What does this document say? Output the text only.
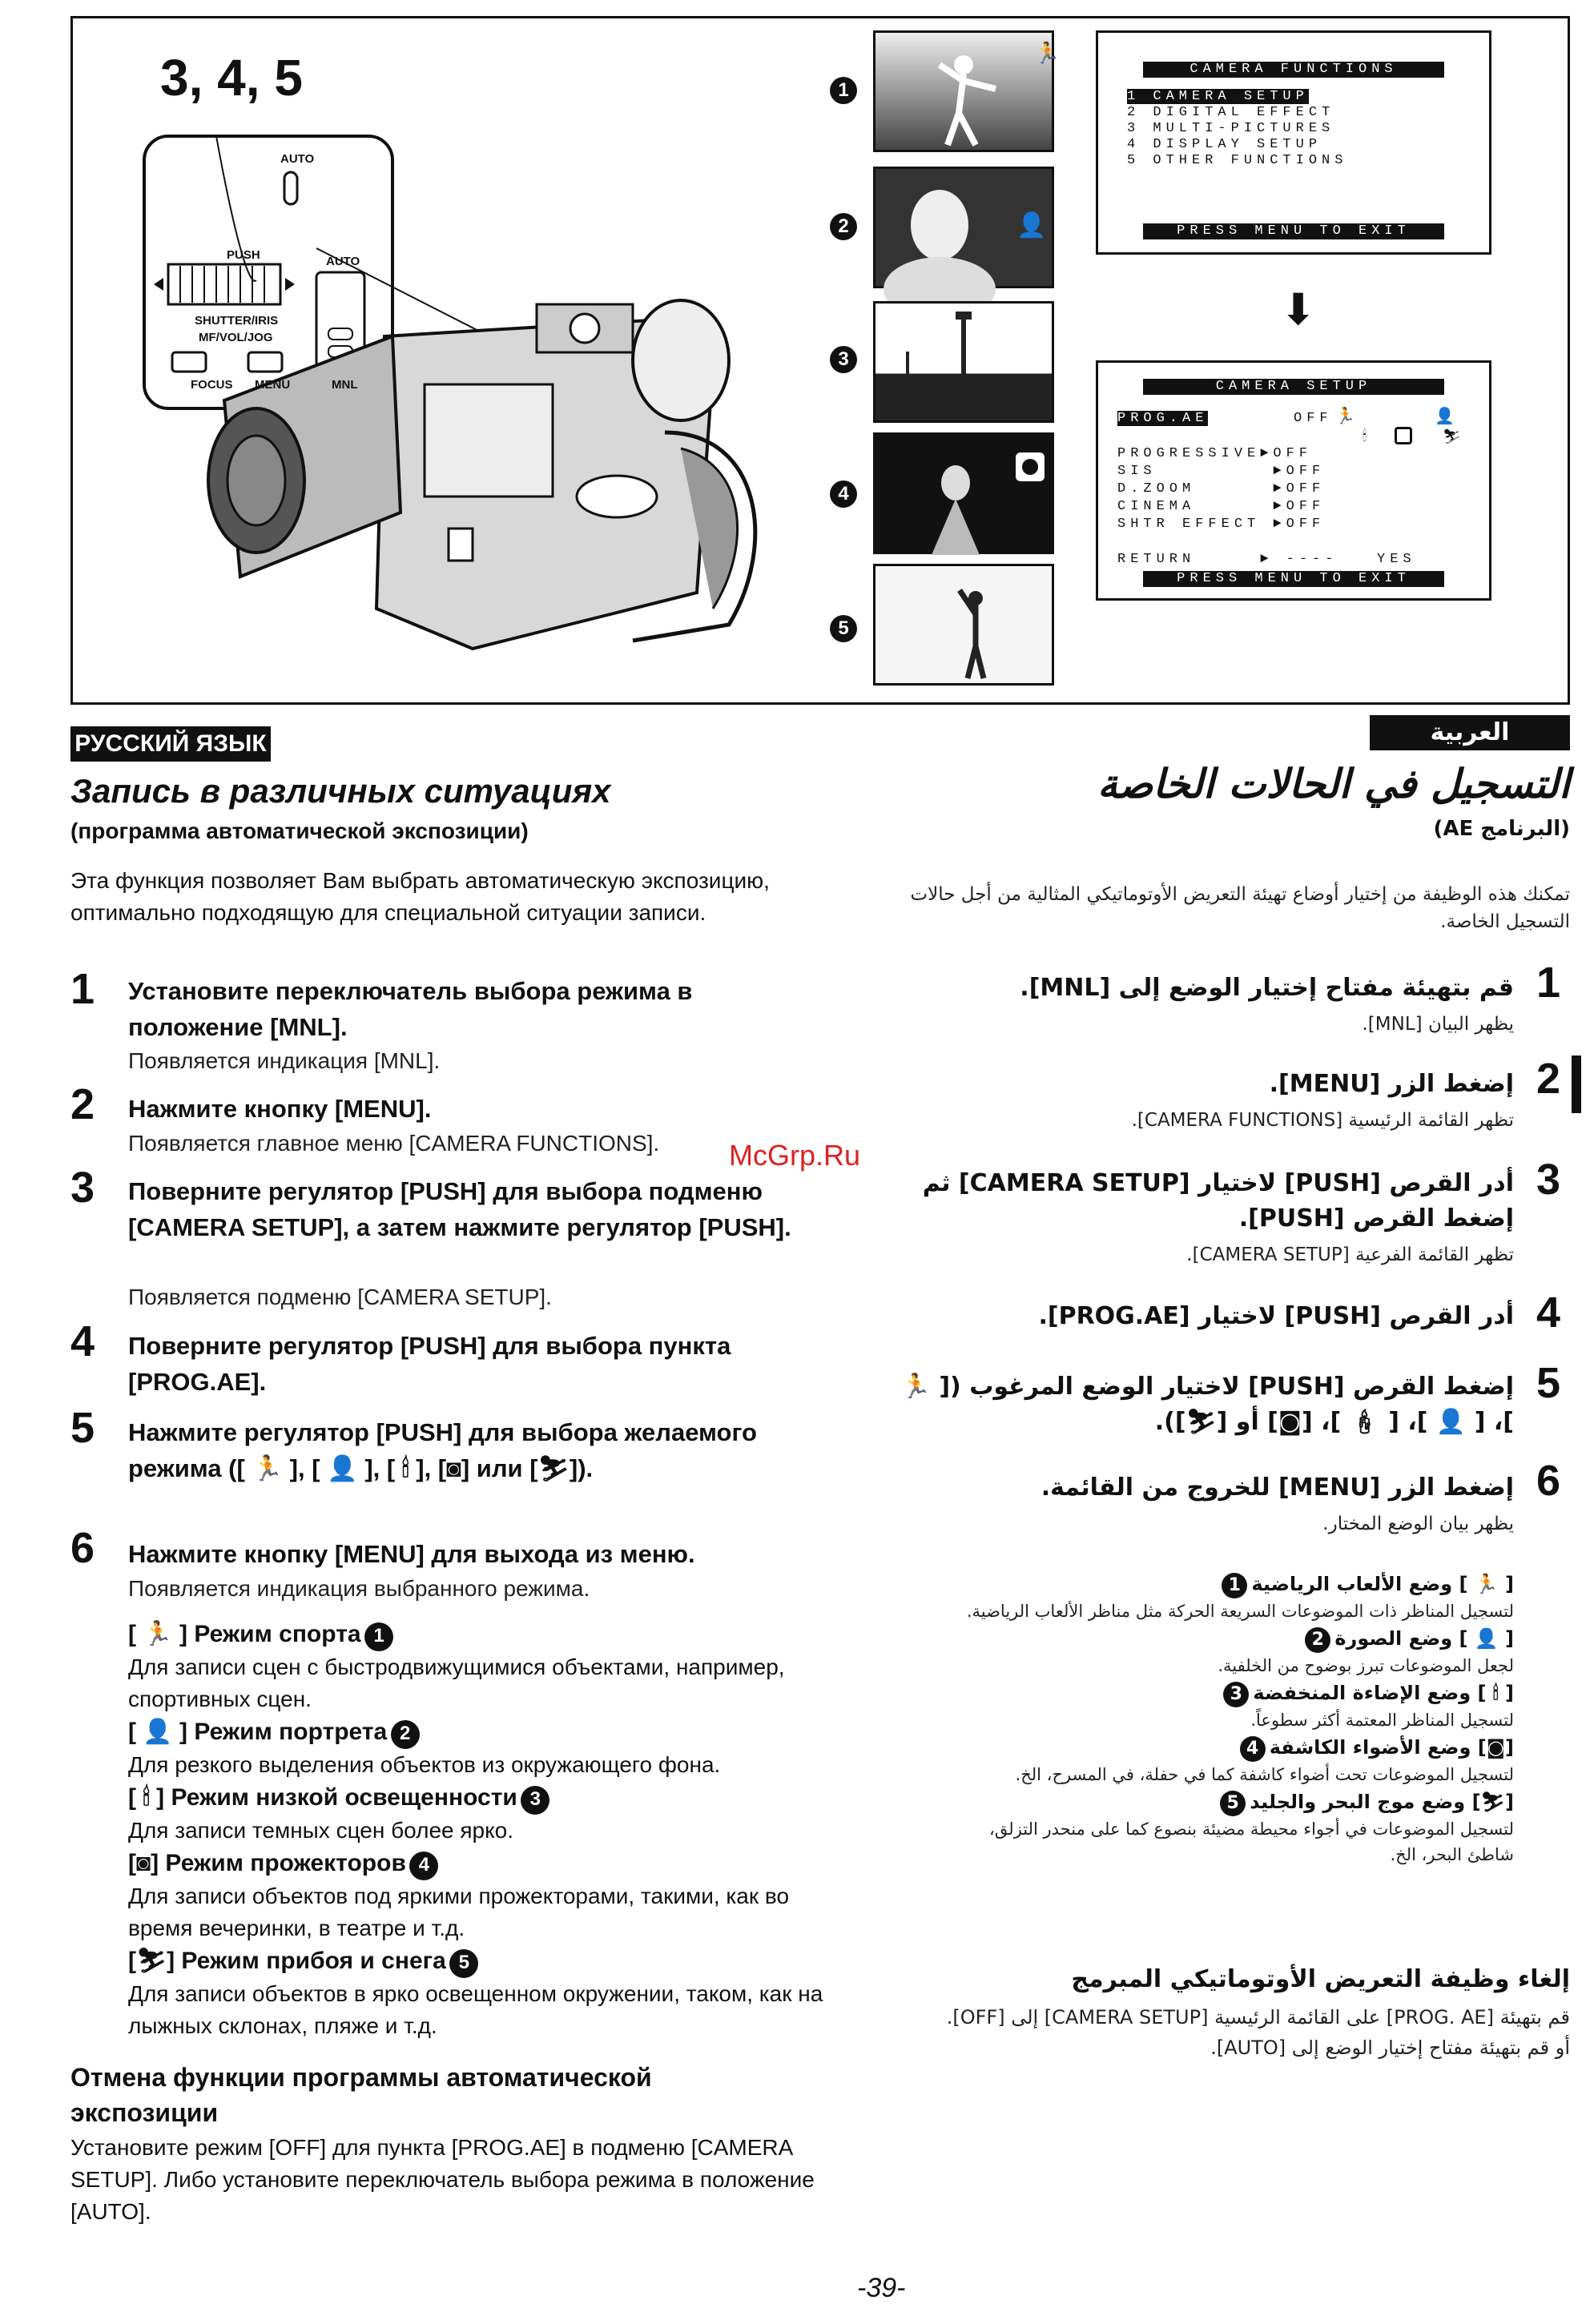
3, 4, 5
AUTO
PUSH
SHUTTER/IRIS
MF/VOL/JOG
FOCUS MENU
AUTO
MNL
1
🏃
2	👤
3
4
5
CAMERA FUNCTIONS
1 CAMERA SETUP
2 DIGITAL EFFECT
3 MULTI-PICTURES
4 DISPLAY SETUP
5 OTHER FUNCTIONS
PRESS MENU TO EXIT
⬇
CAMERA SETUP
PROG.AE	OFF 🏃	👤
🕯	⛷
PROGRESSIVE►OFF
SIS         ►OFF
D.ZOOM      ►OFF
CINEMA      ►OFF
SHTR EFFECT ►OFF
RETURN     ► ----   YES
PRESS MENU TO EXIT
РУССКИЙ ЯЗЫК
Запись в различных ситуациях
(программа автоматической экспозиции)
Эта функция позволяет Вам выбрать автоматическую экспозицию, оптимально подходящую для специальной ситуации записи.
1 Установите переключатель выбора режима в положение [MNL].
Появляется индикация [MNL].
2 Нажмите кнопку [MENU].
Появляется главное меню [CAMERA FUNCTIONS].
3 Поверните регулятор [PUSH] для выбора подменю [CAMERA SETUP], а затем нажмите регулятор [PUSH].
Появляется подменю [CAMERA SETUP].
4 Поверните регулятор [PUSH] для выбора пункта [PROG.AE].
5 Нажмите регулятор [PUSH] для выбора желаемого режима ([ 🏃 ], [ 👤 ], [ 🕯 ], [◙] или [⛷]).
6 Нажмите кнопку [MENU] для выхода из меню.
Появляется индикация выбранного режима.
[ 🏃 ] Режим спорта 1
Для записи сцен с быстродвижущимися объектами, например, спортивных сцен.
[ 👤 ] Режим портрета 2
Для резкого выделения объектов из окружающего фона.
[ 🕯 ] Режим низкой освещенности 3
Для записи темных сцен более ярко.
[◙] Режим прожекторов 4
Для записи объектов под яркими прожекторами, такими, как во время вечеринки, в театре и т.д.
[⛷] Режим прибоя и снега 5
Для записи объектов в ярко освещенном окружении, таком, как на лыжных склонах, пляже и т.д.
Отмена функции программы автоматической экспозиции
Установите режим [OFF] для пункта [PROG.AE] в подменю [CAMERA SETUP]. Либо установите переключатель выбора режима в положение [AUTO].
العربية
التسجيل في الحالات الخاصة
(البرنامج AE)
تمكنك هذه الوظيفة من إختيار أوضاع تهيئة التعريض الأوتوماتيكي المثالية من أجل حالات التسجيل الخاصة.
1
قم بتهيئة مفتاح إختيار الوضع إلى [MNL].
يظهر البيان [MNL].
2
إضغط الزر [MENU].
تظهر القائمة الرئيسية [CAMERA FUNCTIONS].
3
أدر القرص [PUSH] لاختيار [CAMERA SETUP] ثم إضغط القرص [PUSH].
تظهر القائمة الفرعية [CAMERA SETUP].
4
أدر القرص [PUSH] لاختيار [PROG.AE].
5
إضغط القرص [PUSH] لاختيار الوضع المرغوب ([ 🏃 ]، [ 👤 ]، [ 🕯 ]، [◙] أو [⛷]).
6
إضغط الزر [MENU] للخروج من القائمة.
يظهر بيان الوضع المختار.
[ 🏃 ] وضع الألعاب الرياضية 1
لتسجيل المناظر ذات الموضوعات السريعة الحركة مثل مناظر الألعاب الرياضية.
[ 👤 ] وضع الصورة 2
لجعل الموضوعات تبرز بوضوح من الخلفية.
[ 🕯 ] وضع الإضاءة المنخفضة 3
لتسجيل المناظر المعتمة أكثر سطوعاً.
[◙] وضع الأضواء الكاشفة 4
لتسجيل الموضوعات تحت أضواء كاشفة كما في حفلة، في المسرح، الخ.
[⛷] وضع موج البحر والجليد 5
لتسجيل الموضوعات في أجواء محيطة مضيئة بنصوع كما على منحدر التزلق، شاطئ البحر، الخ.
إلغاء وظيفة التعريض الأوتوماتيكي المبرمج
قم بتهيئة [PROG. AE] على القائمة الرئيسية [CAMERA SETUP] إلى [OFF]. أو قم بتهيئة مفتاح إختيار الوضع إلى [AUTO].
McGrp.Ru
-39-
